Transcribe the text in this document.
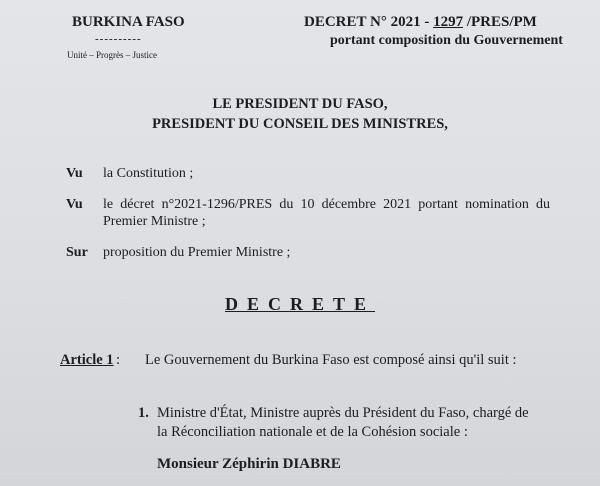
BURKINA FASO
----------
Unité – Progrès – Justice
DECRET N° 2021 - 1297 /PRES/PM
portant composition du Gouvernement
LE PRESIDENT DU FASO,
PRESIDENT DU CONSEIL DES MINISTRES,
Vu la Constitution ;
Vu le décret n°2021-1296/PRES du 10 décembre 2021 portant nomination du
Premier Ministre ;
Sur proposition du Premier Ministre ;
DECRETE
Article 1 : Le Gouvernement du Burkina Faso est composé ainsi qu'il suit :
1. Ministre d'État, Ministre auprès du Président du Faso, chargé de
la Réconciliation nationale et de la Cohésion sociale :
Monsieur Zéphirin DIABRE
